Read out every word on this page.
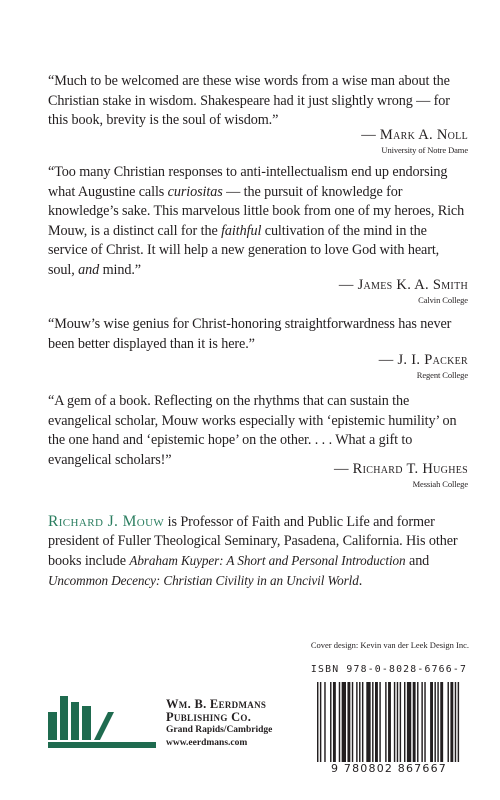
“Much to be welcomed are these wise words from a wise man about the Christian stake in wisdom. Shakespeare had it just slightly wrong — for this book, brevity is the soul of wisdom.”

— Mark A. Noll
University of Notre Dame

“Too many Christian responses to anti-intellectualism end up endorsing what Augustine calls curiositas — the pursuit of knowledge for knowledge’s sake. This marvelous little book from one of my heroes, Rich Mouw, is a distinct call for the faithful cultivation of the mind in the service of Christ. It will help a new generation to love God with heart, soul, and mind.”

— James K. A. Smith
Calvin College

“Mouw’s wise genius for Christ-honoring straightforwardness has never been better displayed than it is here.”

— J. I. Packer
Regent College

“A gem of a book. Reflecting on the rhythms that can sustain the evangelical scholar, Mouw works especially with ‘epistemic humility’ on the one hand and ‘epistemic hope’ on the other. . . . What a gift to evangelical scholars!”

— Richard T. Hughes
Messiah College

Richard J. Mouw is Professor of Faith and Public Life and former president of Fuller Theological Seminary, Pasadena, California. His other books include Abraham Kuyper: A Short and Personal Introduction and Uncommon Decency: Christian Civility in an Uncivil World.

Cover design: Kevin van der Leek Design Inc.
Wm. B. Eerdmans
Publishing Co.
Grand Rapids/Cambridge
www.eerdmans.com
ISBN 978-0-8028-6766-7
9 780802 867667
